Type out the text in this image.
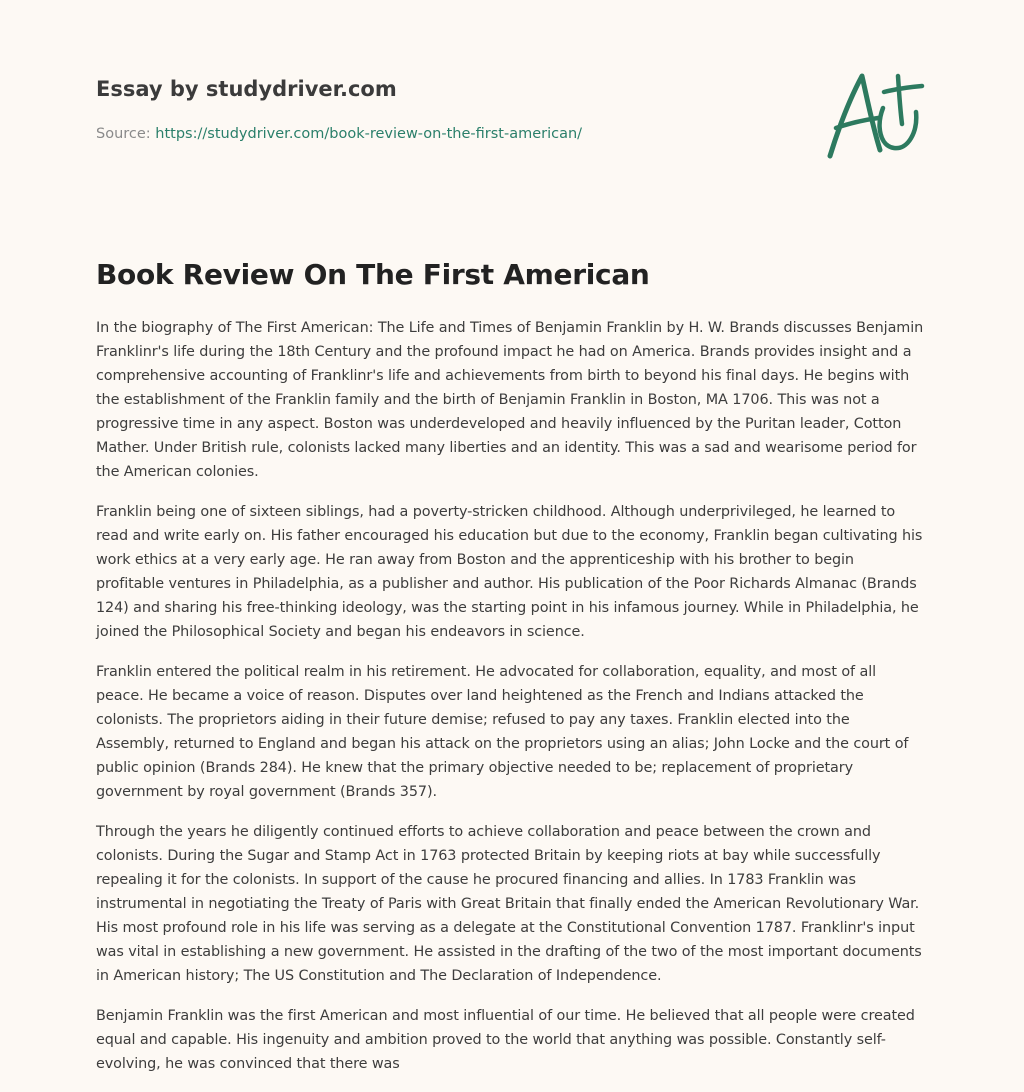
Essay by studydriver.com
Source: https://studydriver.com/book-review-on-the-first-american/
Book Review On The First American

In the biography of The First American: The Life and Times of Benjamin Franklin by H. W. Brands discusses Benjamin Franklinr's life during the 18th Century and the profound impact he had on America. Brands provides insight and a comprehensive accounting of Franklinr's life and achievements from birth to beyond his final days. He begins with the establishment of the Franklin family and the birth of Benjamin Franklin in Boston, MA 1706. This was not a progressive time in any aspect. Boston was underdeveloped and heavily influenced by the Puritan leader, Cotton Mather. Under British rule, colonists lacked many liberties and an identity. This was a sad and wearisome period for the American colonies.

Franklin being one of sixteen siblings, had a poverty-stricken childhood. Although underprivileged, he learned to read and write early on. His father encouraged his education but due to the economy, Franklin began cultivating his work ethics at a very early age. He ran away from Boston and the apprenticeship with his brother to begin profitable ventures in Philadelphia, as a publisher and author. His publication of the Poor Richards Almanac (Brands 124) and sharing his free-thinking ideology, was the starting point in his infamous journey. While in Philadelphia, he joined the Philosophical Society and began his endeavors in science.

Franklin entered the political realm in his retirement. He advocated for collaboration, equality, and most of all peace. He became a voice of reason. Disputes over land heightened as the French and Indians attacked the colonists. The proprietors aiding in their future demise; refused to pay any taxes. Franklin elected into the Assembly, returned to England and began his attack on the proprietors using an alias; John Locke and the court of public opinion (Brands 284). He knew that the primary objective needed to be; replacement of proprietary government by royal government (Brands 357).

Through the years he diligently continued efforts to achieve collaboration and peace between the crown and colonists. During the Sugar and Stamp Act in 1763 protected Britain by keeping riots at bay while successfully repealing it for the colonists. In support of the cause he procured financing and allies. In 1783 Franklin was instrumental in negotiating the Treaty of Paris with Great Britain that finally ended the American Revolutionary War. His most profound role in his life was serving as a delegate at the Constitutional Convention 1787. Franklinr's input was vital in establishing a new government. He assisted in the drafting of the two of the most important documents in American history; The US Constitution and The Declaration of Independence.

Benjamin Franklin was the first American and most influential of our time. He believed that all people were created equal and capable. His ingenuity and ambition proved to the world that anything was possible. Constantly self-evolving, he was convinced that there was
